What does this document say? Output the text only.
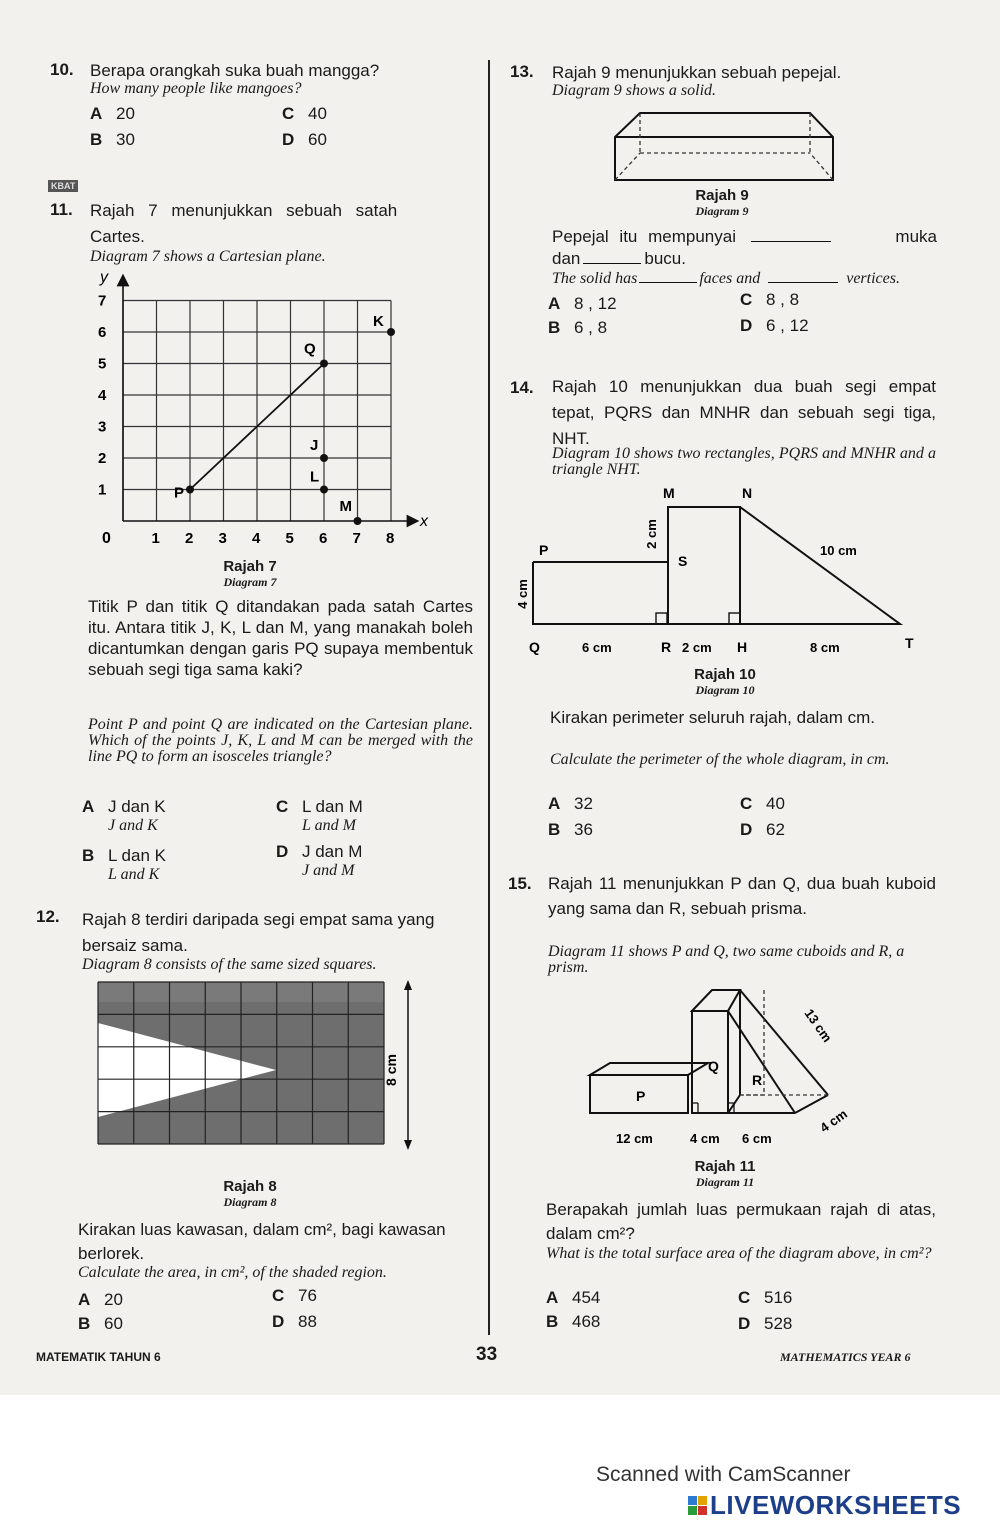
10. Berapa orangkah suka buah mangga?
How many people like mangoes?
A 20	C 40
B 30	D 60
KBAT
11. Rajah 7 menunjukkan sebuah satah
Cartes.
Diagram 7 shows a Cartesian plane.
y
x
0	1 2 3 4 5 6 7 8
1
2
3
4
5
6
7
P
Q
K
J
L
M
Rajah 7
Diagram 7
Titik P dan titik Q ditandakan pada satah Cartes itu. Antara titik J, K, L dan M, yang manakah boleh dicantumkan dengan garis PQ supaya membentuk sebuah segi tiga sama kaki?
Point P and point Q are indicated on the Cartesian plane. Which of the points J, K, L and M can be merged with the line PQ to form an isosceles triangle?
A J dan K
J and K
C L dan M
L and M
B L dan K
L and K
D J dan M
J and M
12. Rajah 8 terdiri daripada segi empat sama yang bersaiz sama.
Diagram 8 consists of the same sized squares.
8 cm
Rajah 8
Diagram 8
Kirakan luas kawasan, dalam cm², bagi kawasan berlorek.
Calculate the area, in cm², of the shaded region.
A 20	C 76
B 60	D 88
13. Rajah 9 menunjukkan sebuah pepejal.
Diagram 9 shows a solid.
Rajah 9
Diagram 9
Pepejal itu mempunyai	muka
dan	bucu.
The solid has	faces and	vertices.
A 8 , 12	C 8 , 8
B 6 , 8	D 6 , 12
14. Rajah 10 menunjukkan dua buah segi empat tepat, PQRS dan MNHR dan sebuah segi tiga, NHT.
Diagram 10 shows two rectangles, PQRS and MNHR and a triangle NHT.
M	N
P
S
Q	R	H	T
2 cm
4 cm
6 cm	2 cm	8 cm
10 cm
Rajah 10
Diagram 10
Kirakan perimeter seluruh rajah, dalam cm.
Calculate the perimeter of the whole diagram, in cm.
A 32	C 40
B 36	D 62
15. Rajah 11 menunjukkan P dan Q, dua buah kuboid yang sama dan R, sebuah prisma.
Diagram 11 shows P and Q, two same cuboids and R, a prism.
P
Q
R
12 cm	4 cm 6 cm
4 cm
13 cm
Rajah 11
Diagram 11
Berapakah jumlah luas permukaan rajah di atas, dalam cm²?
What is the total surface area of the diagram above, in cm²?
A 454	C 516
B 468	D 528
MATEMATIK TAHUN 6	33	MATHEMATICS YEAR 6
Scanned with CamScanner
LIVEWORKSHEETS
